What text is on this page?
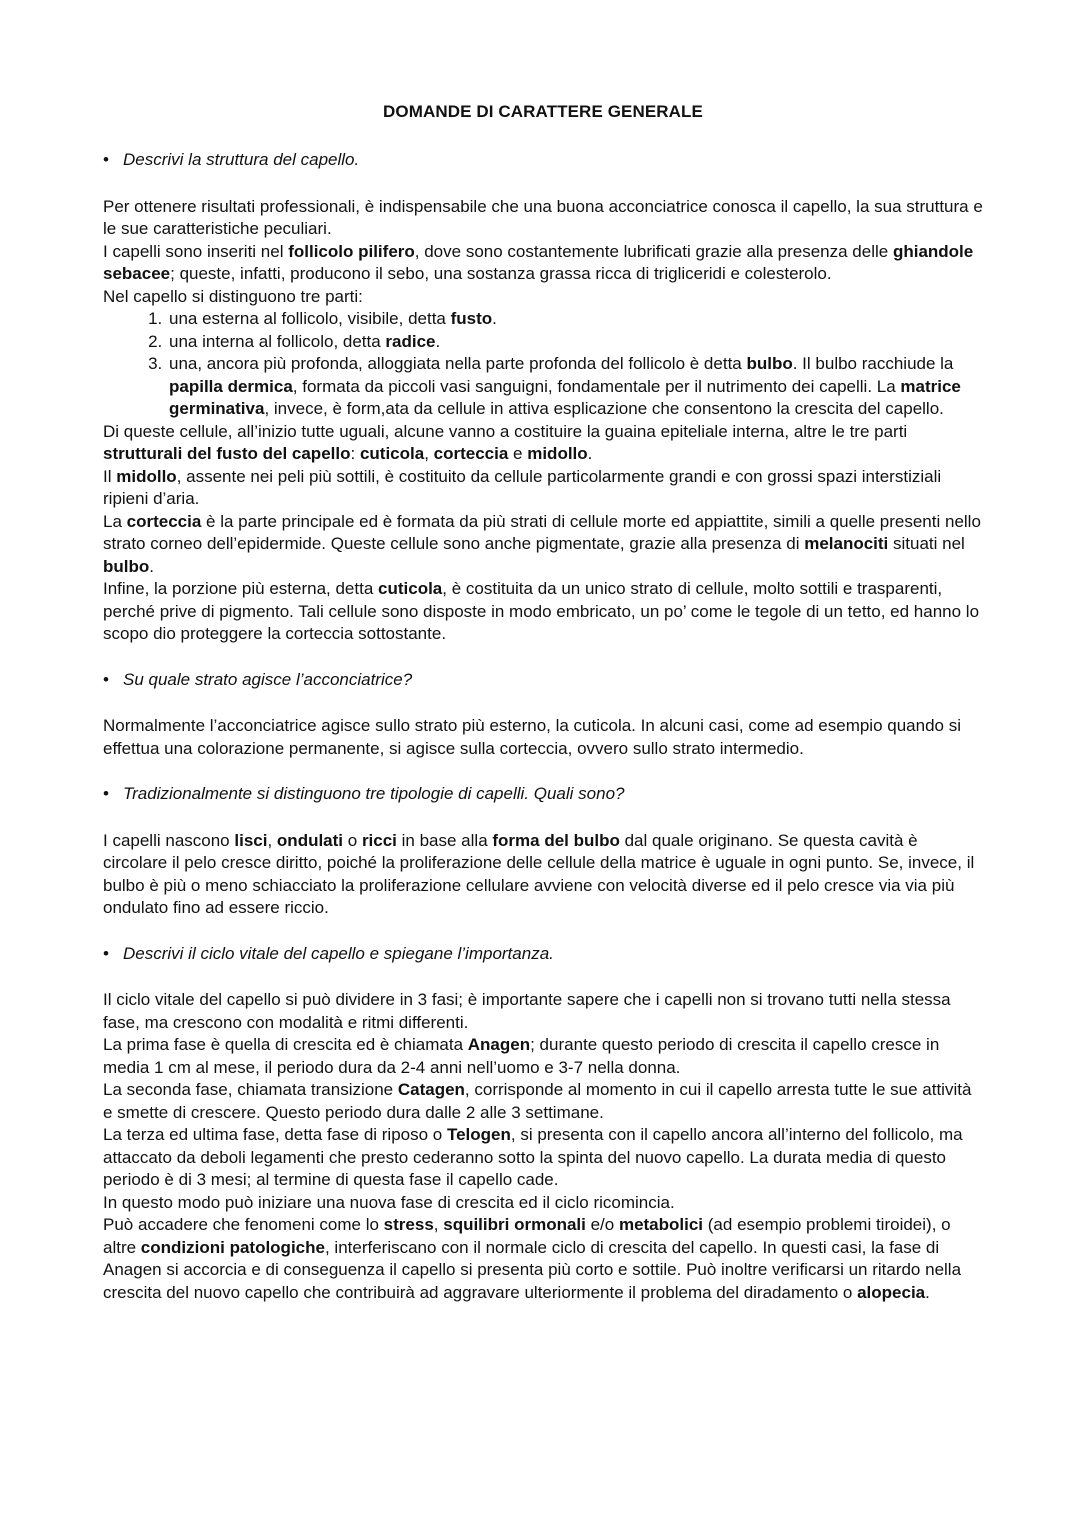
DOMANDE DI CARATTERE GENERALE
• Descrivi la struttura del capello.

Per ottenere risultati professionali, è indispensabile che una buona acconciatrice conosca il capello, la sua struttura e le sue caratteristiche peculiari.

I capelli sono inseriti nel follicolo pilifero, dove sono costantemente lubrificati grazie alla presenza delle ghiandole sebacee; queste, infatti, producono il sebo, una sostanza grassa ricca di trigliceridi e colesterolo.

Nel capello si distinguono tre parti:

1. una esterna al follicolo, visibile, detta fusto.
2. una interna al follicolo, detta radice.
3. una, ancora più profonda, alloggiata nella parte profonda del follicolo è detta bulbo. Il bulbo racchiude la papilla dermica, formata da piccoli vasi sanguigni, fondamentale per il nutrimento dei capelli. La matrice germinativa, invece, è form,ata da cellule in attiva esplicazione che consentono la crescita del capello.

Di queste cellule, all’inizio tutte uguali, alcune vanno a costituire la guaina epiteliale interna, altre le tre parti strutturali del fusto del capello: cuticola, corteccia e midollo.

Il midollo, assente nei peli più sottili, è costituito da cellule particolarmente grandi e con grossi spazi interstiziali ripieni d’aria.

La corteccia è la parte principale ed è formata da più strati di cellule morte ed appiattite, simili a quelle presenti nello strato corneo dell’epidermide. Queste cellule sono anche pigmentate, grazie alla presenza di melanociti situati nel bulbo.

Infine, la porzione più esterna, detta cuticola, è costituita da un unico strato di cellule, molto sottili e trasparenti, perché prive di pigmento. Tali cellule sono disposte in modo embricato, un po’ come le tegole di un tetto, ed hanno lo scopo dio proteggere la corteccia sottostante.

• Su quale strato agisce l’acconciatrice?

Normalmente l’acconciatrice agisce sullo strato più esterno, la cuticola. In alcuni casi, come ad esempio quando si effettua una colorazione permanente, si agisce sulla corteccia, ovvero sullo strato intermedio.

• Tradizionalmente si distinguono tre tipologie di capelli. Quali sono?

I capelli nascono lisci, ondulati o ricci in base alla forma del bulbo dal quale originano. Se questa cavità è circolare il pelo cresce diritto, poiché la proliferazione delle cellule della matrice è uguale in ogni punto. Se, invece, il bulbo è più o meno schiacciato la proliferazione cellulare avviene con velocità diverse ed il pelo cresce via via più ondulato fino ad essere riccio.

• Descrivi il ciclo vitale del capello e spiegane l’importanza.

Il ciclo vitale del capello si può dividere in 3 fasi; è importante sapere che i capelli non si trovano tutti nella stessa fase, ma crescono con modalità e ritmi differenti.

La prima fase è quella di crescita ed è chiamata Anagen; durante questo periodo di crescita il capello cresce in media 1 cm al mese, il periodo dura da 2-4 anni nell’uomo e 3-7 nella donna.

La seconda fase, chiamata transizione Catagen, corrisponde al momento in cui il capello arresta tutte le sue attività e smette di crescere. Questo periodo dura dalle 2 alle 3 settimane.

La terza ed ultima fase, detta fase di riposo o Telogen, si presenta con il capello ancora all’interno del follicolo, ma attaccato da deboli legamenti che presto cederanno sotto la spinta del nuovo capello. La durata media di questo periodo è di 3 mesi; al termine di questa fase il capello cade.

In questo modo può iniziare una nuova fase di crescita ed il ciclo ricomincia.

Può accadere che fenomeni come lo stress, squilibri ormonali e/o metabolici (ad esempio problemi tiroidei), o altre condizioni patologiche, interferiscano con il normale ciclo di crescita del capello. In questi casi, la fase di Anagen si accorcia e di conseguenza il capello si presenta più corto e sottile. Può inoltre verificarsi un ritardo nella crescita del nuovo capello che contribuirà ad aggravare ulteriormente il problema del diradamento o alopecia.
